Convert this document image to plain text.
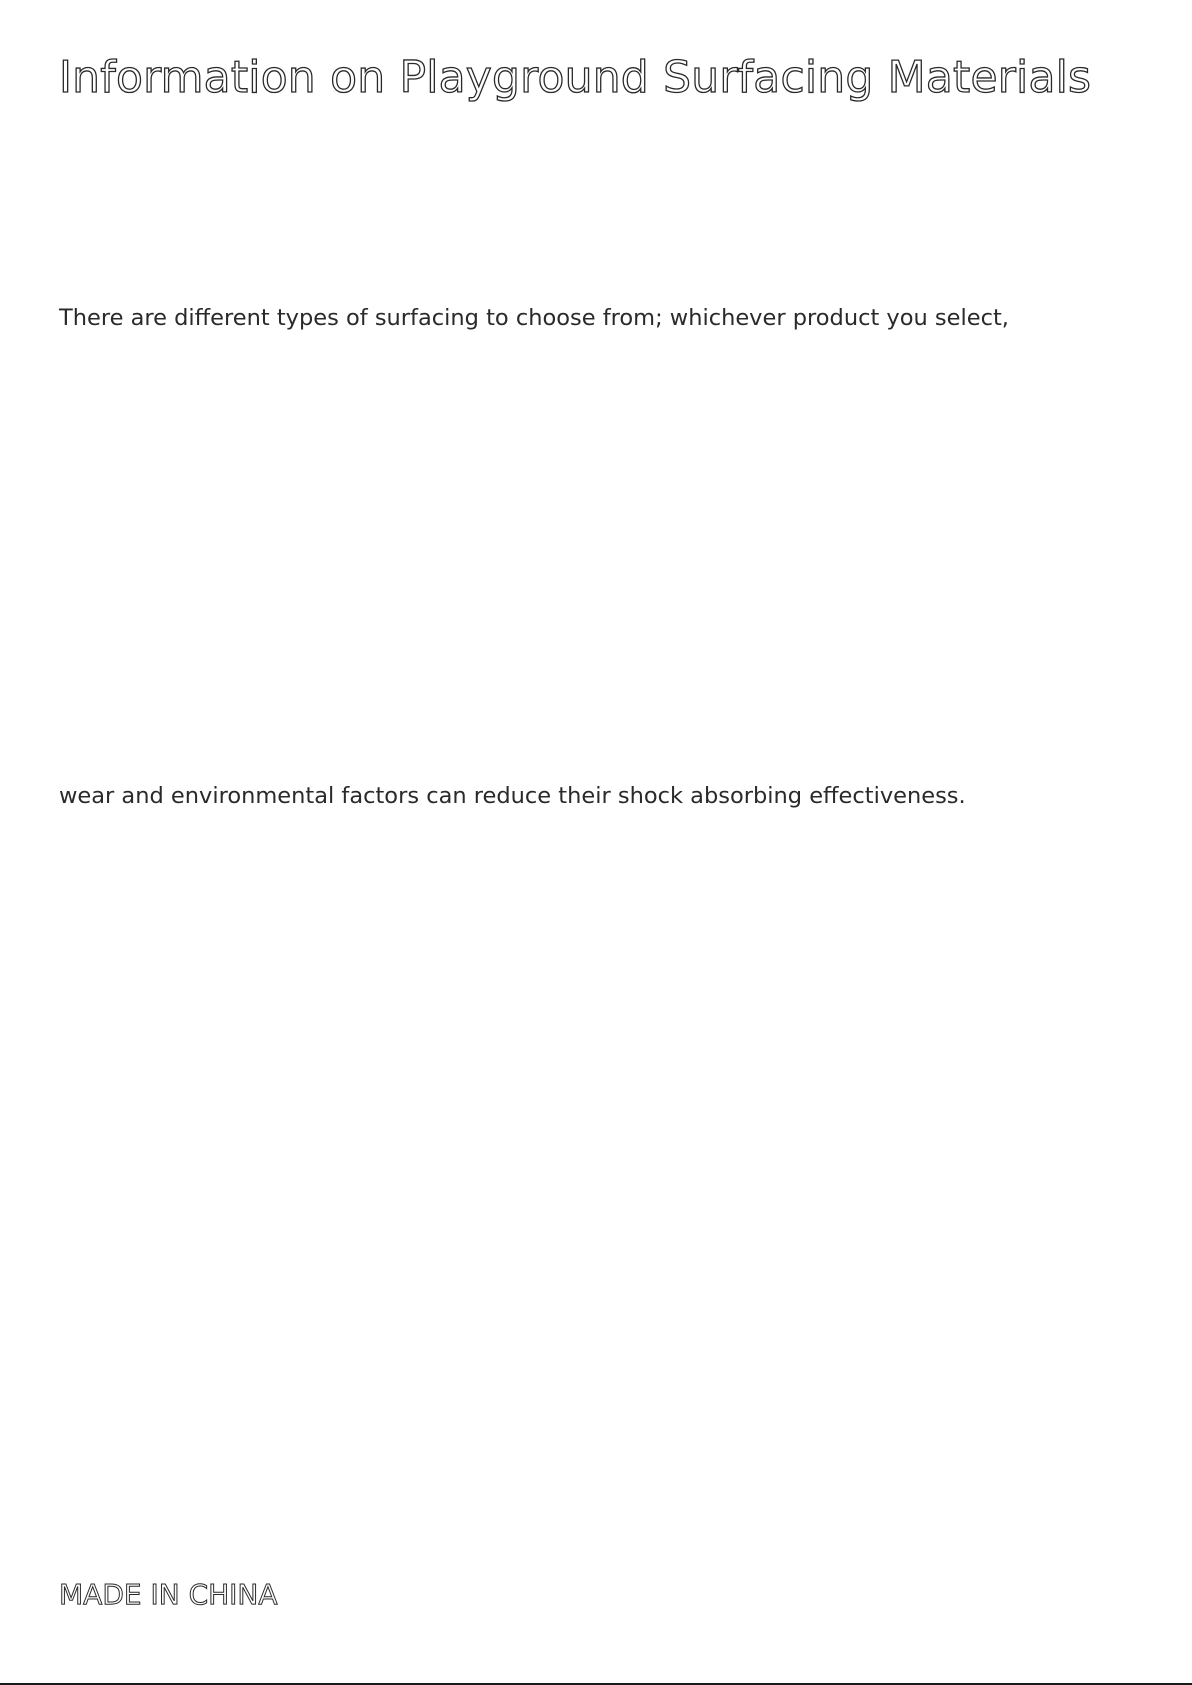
Information on Playground Surfacing Materials

There are different types of surfacing to choose from; whichever product you select,

wear and environmental factors can reduce their shock absorbing effectiveness.

MADE IN CHINA
